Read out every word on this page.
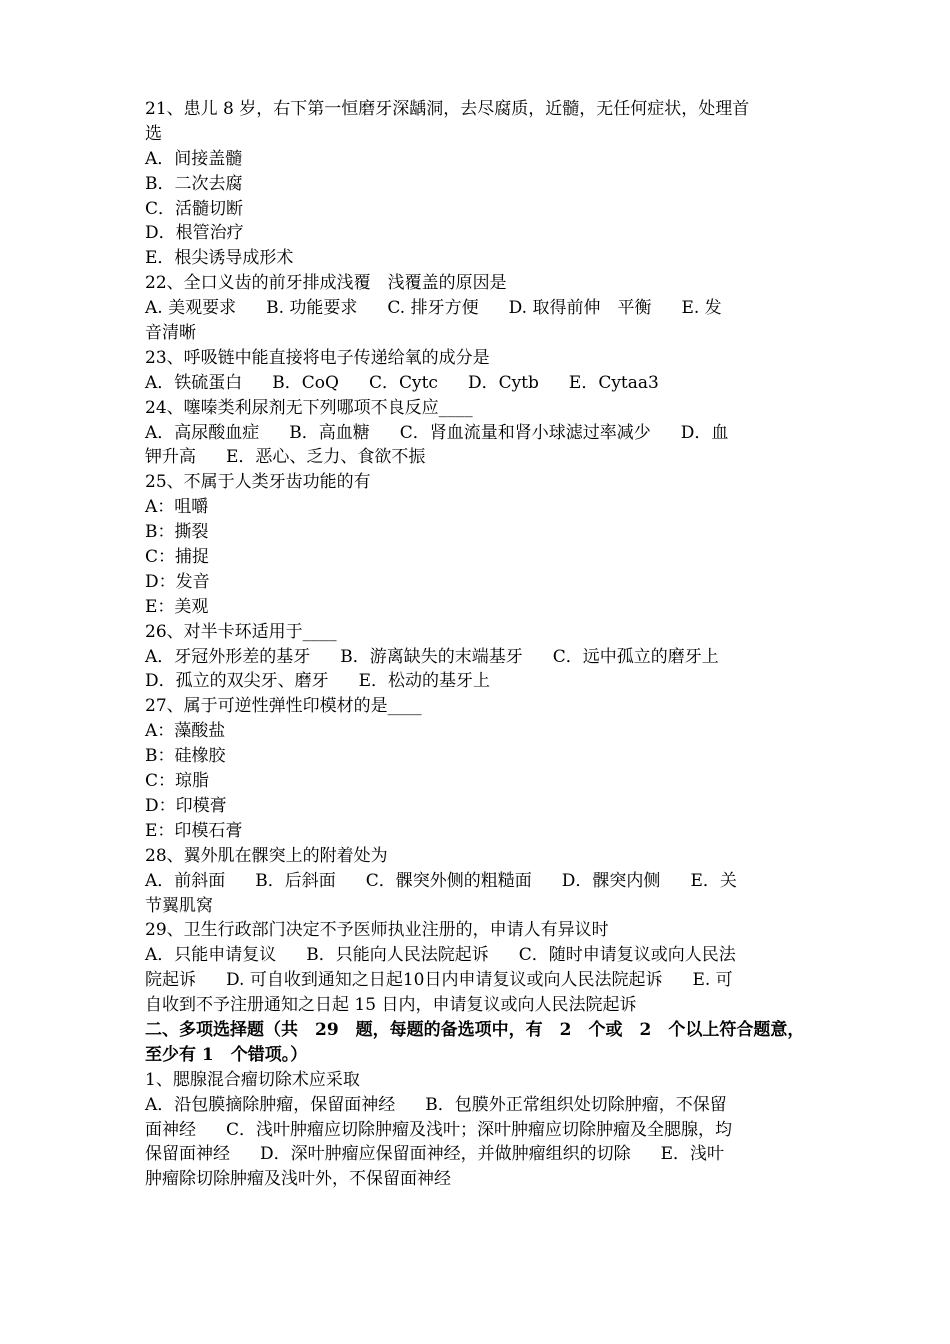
21、患儿 8 岁，右下第一恒磨牙深龋洞，去尽腐质，近髓，无任何症状，处理首
选
A．间接盖髓
B．二次去腐
C．活髓切断
D．根管治疗
E．根尖诱导成形术
22、全口义齿的前牙排成浅覆　浅覆盖的原因是
A. 美观要求 B. 功能要求 C. 排牙方便 D. 取得前伸　平衡 E. 发
音清晰
23、呼吸链中能直接将电子传递给氧的成分是
A．铁硫蛋白 B．CoQ C．Cytc D．Cytb E．Cytaa3
24、噻嗪类利尿剂无下列哪项不良反应____
A．高尿酸血症 B．高血糖 C．肾血流量和肾小球滤过率减少 D．血
钾升高 E．恶心、乏力、食欲不振
25、不属于人类牙齿功能的有
A：咀嚼
B：撕裂
C：捕捉
D：发音
E：美观
26、对半卡环适用于____
A．牙冠外形差的基牙 B．游离缺失的末端基牙 C．远中孤立的磨牙上
D．孤立的双尖牙、磨牙 E．松动的基牙上
27、属于可逆性弹性印模材的是____
A：藻酸盐
B：硅橡胶
C：琼脂
D：印模膏
E：印模石膏
28、翼外肌在髁突上的附着处为
A．前斜面 B．后斜面 C．髁突外侧的粗糙面 D．髁突内侧 E．关
节翼肌窝
29、卫生行政部门决定不予医师执业注册的，申请人有异议时
A．只能申请复议 B．只能向人民法院起诉 C．随时申请复议或向人民法
院起诉 D. 可自收到通知之日起10日内申请复议或向人民法院起诉 E. 可
自收到不予注册通知之日起 15 日内，申请复议或向人民法院起诉
二、多项选择题（共　29　题，每题的备选项中，有　2　个或　2　个以上符合题意，
至少有 1　个错项。）
1、腮腺混合瘤切除术应采取
A．沿包膜摘除肿瘤，保留面神经 B．包膜外正常组织处切除肿瘤，不保留
面神经 C．浅叶肿瘤应切除肿瘤及浅叶；深叶肿瘤应切除肿瘤及全腮腺，均
保留面神经 D．深叶肿瘤应保留面神经，并做肿瘤组织的切除 E．浅叶
肿瘤除切除肿瘤及浅叶外，不保留面神经
